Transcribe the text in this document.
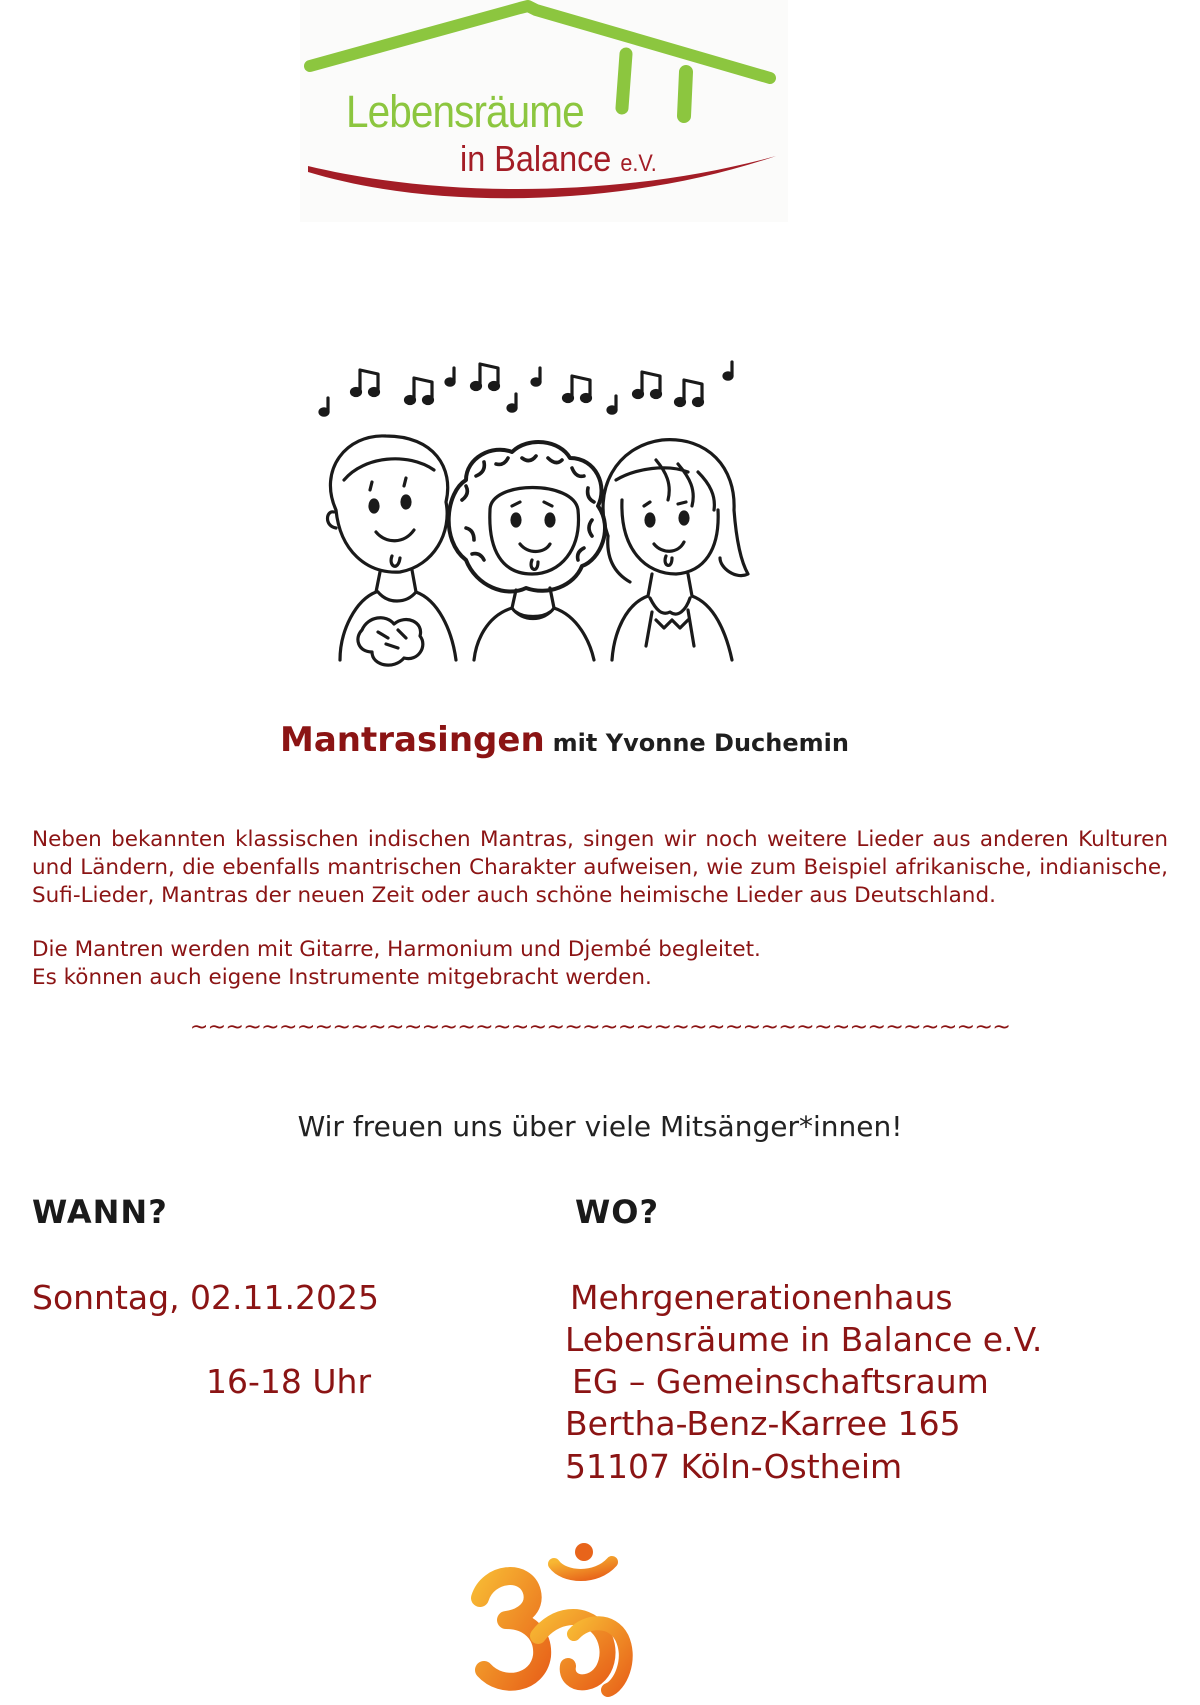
Lebensräume
in Balance e.V.
Mantrasingen mit Yvonne Duchemin
Neben bekannten klassischen indischen Mantras, singen wir noch weitere Lieder aus anderen Kulturen und Ländern, die ebenfalls mantrischen Charakter aufweisen, wie zum Beispiel afrikanische, indianische, Sufi-Lieder, Mantras der neuen Zeit oder auch schöne heimische Lieder aus Deutschland.
Die Mantren werden mit Gitarre, Harmonium und Djembé begleitet.
Es können auch eigene Instrumente mitgebracht werden.
~~~~~~~~~~~~~~~~~~~~~~~~~~~~~~~~~~~~~~~~~~~~~~
Wir freuen uns über viele Mitsänger*innen!
WANN?	WO?
Sonntag, 02.11.2025
16-18 Uhr
Mehrgenerationenhaus
Lebensräume in Balance e.V.
EG – Gemeinschaftsraum
Bertha-Benz-Karree 165
51107 Köln-Ostheim
